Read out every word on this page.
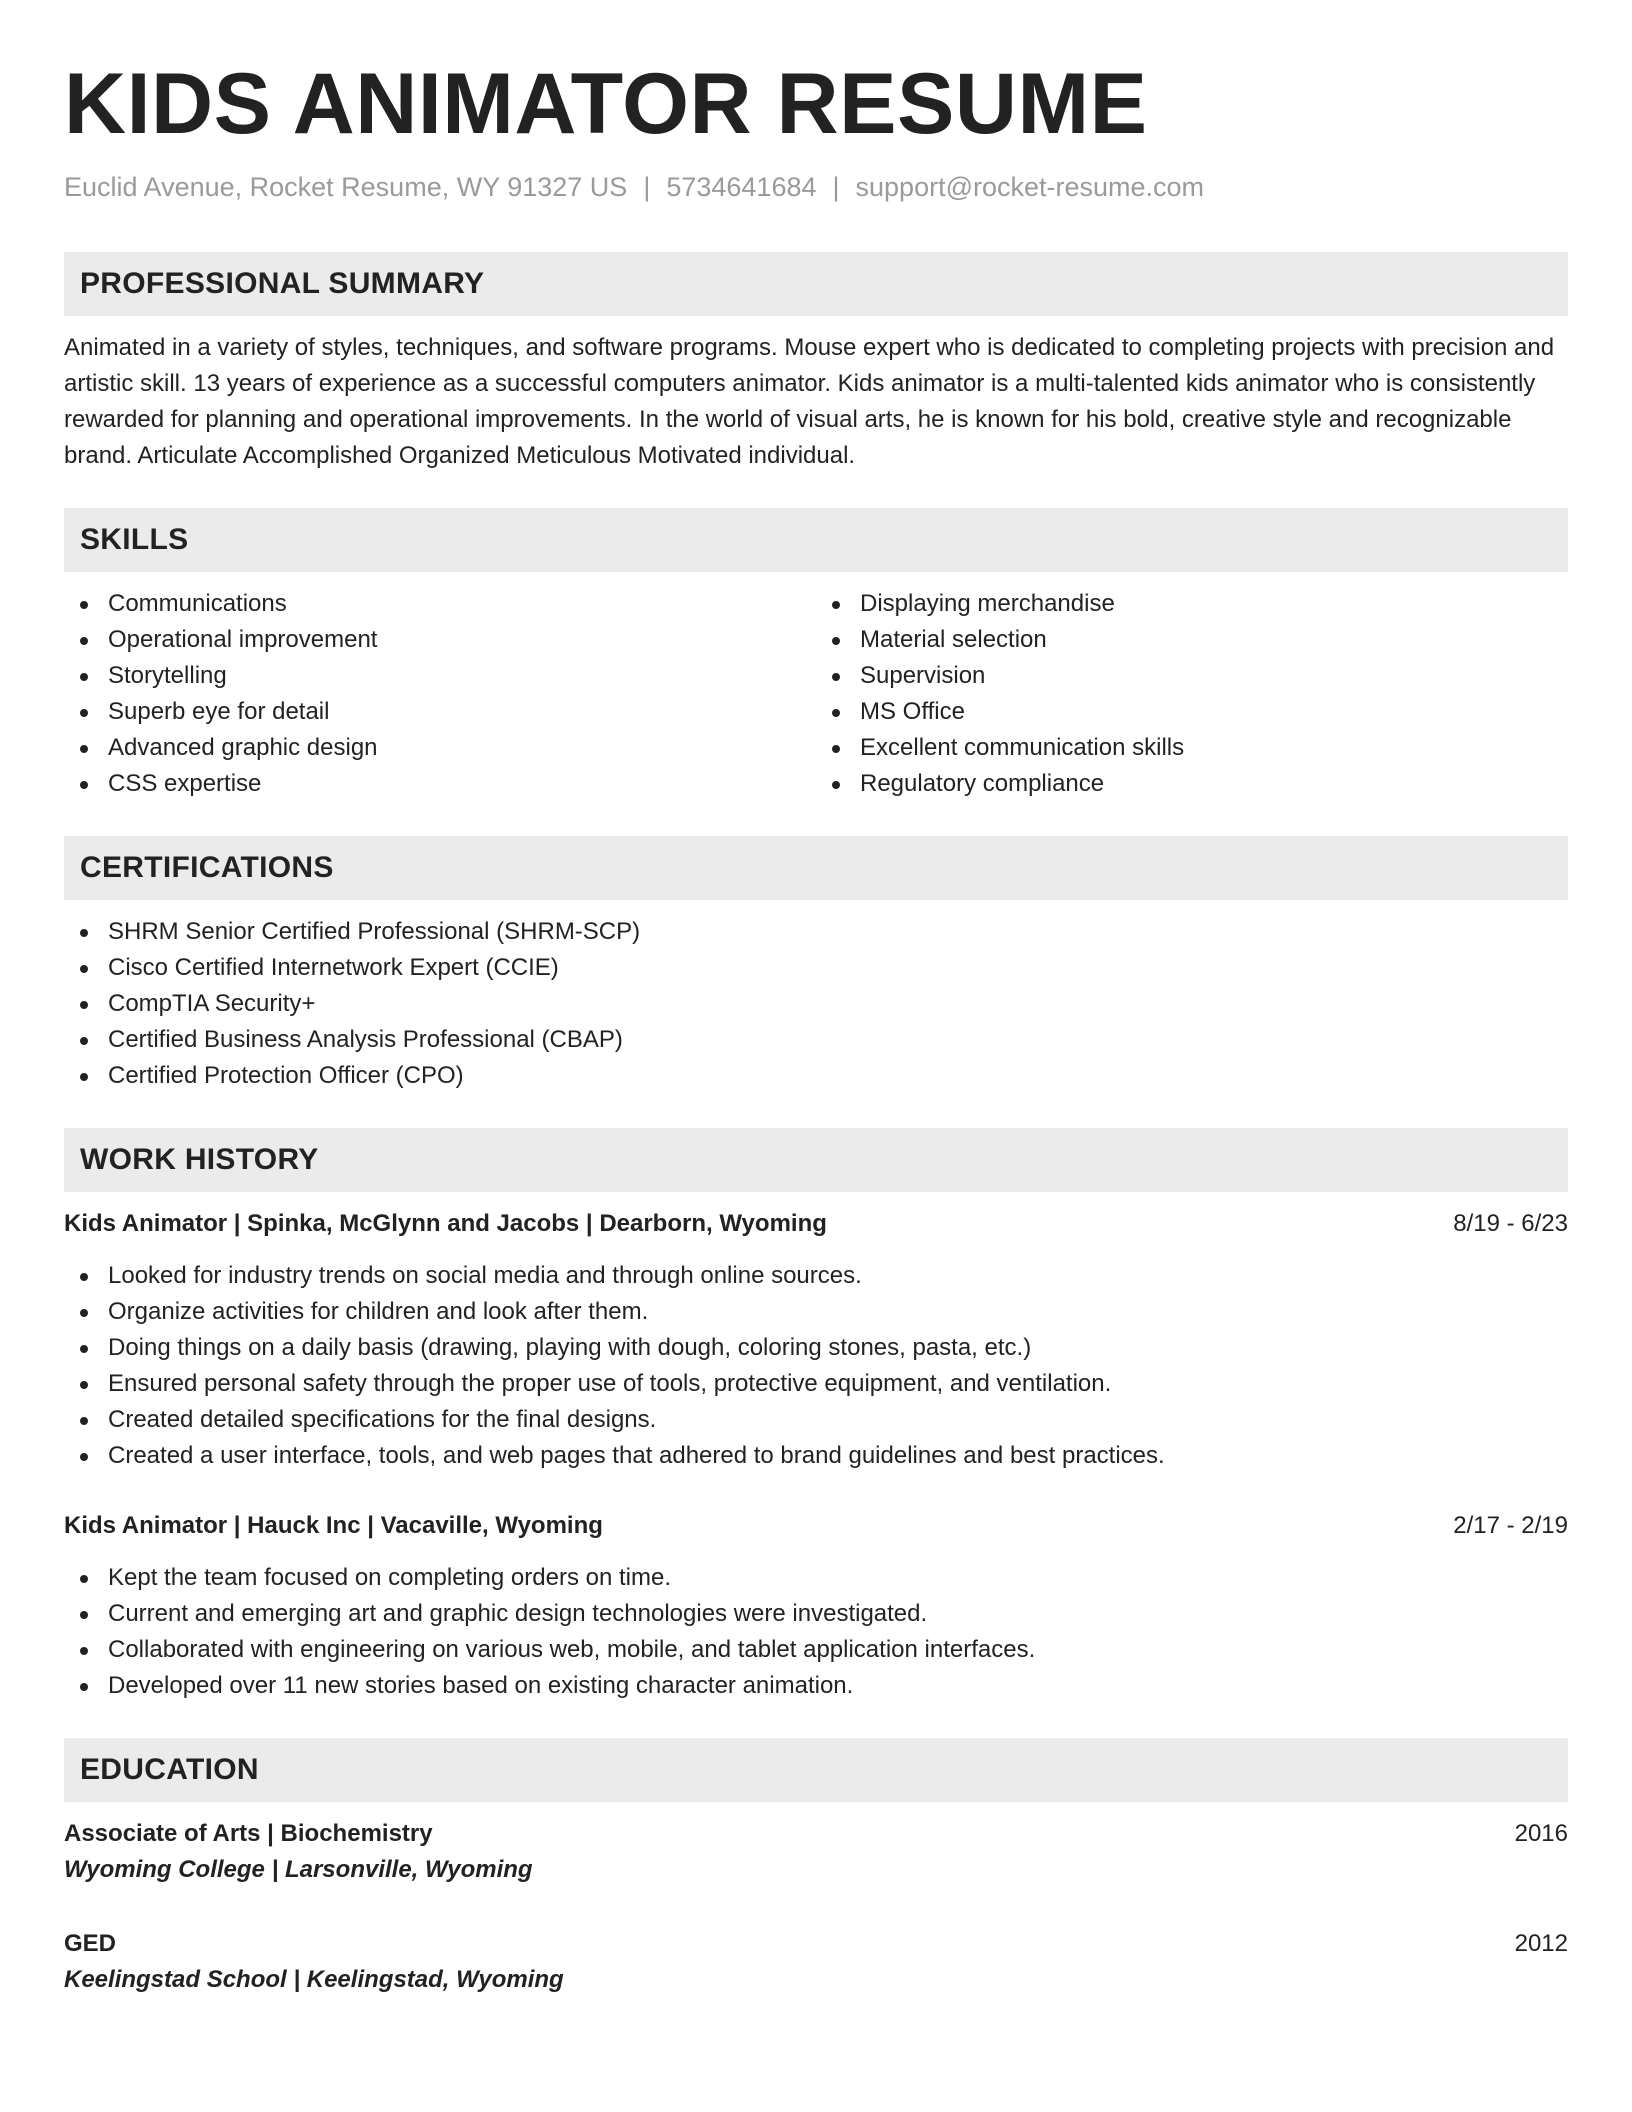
KIDS ANIMATOR RESUME
Euclid Avenue, Rocket Resume, WY 91327 US | 5734641684 | support@rocket-resume.com
PROFESSIONAL SUMMARY

Animated in a variety of styles, techniques, and software programs. Mouse expert who is dedicated to completing projects with precision and artistic skill. 13 years of experience as a successful computers animator. Kids animator is a multi-talented kids animator who is consistently rewarded for planning and operational improvements. In the world of visual arts, he is known for his bold, creative style and recognizable brand. Articulate Accomplished Organized Meticulous Motivated individual.

SKILLS
Communications
Operational improvement
Storytelling
Superb eye for detail
Advanced graphic design
CSS expertise
Displaying merchandise
Material selection
Supervision
MS Office
Excellent communication skills
Regulatory compliance
CERTIFICATIONS
SHRM Senior Certified Professional (SHRM-SCP)
Cisco Certified Internetwork Expert (CCIE)
CompTIA Security+
Certified Business Analysis Professional (CBAP)
Certified Protection Officer (CPO)
WORK HISTORY
Kids Animator | Spinka, McGlynn and Jacobs | Dearborn, Wyoming	8/19 - 6/23
Looked for industry trends on social media and through online sources.
Organize activities for children and look after them.
Doing things on a daily basis (drawing, playing with dough, coloring stones, pasta, etc.)
Ensured personal safety through the proper use of tools, protective equipment, and ventilation.
Created detailed specifications for the final designs.
Created a user interface, tools, and web pages that adhered to brand guidelines and best practices.
Kids Animator | Hauck Inc | Vacaville, Wyoming	2/17 - 2/19
Kept the team focused on completing orders on time.
Current and emerging art and graphic design technologies were investigated.
Collaborated with engineering on various web, mobile, and tablet application interfaces.
Developed over 11 new stories based on existing character animation.
EDUCATION
Associate of Arts | Biochemistry	2016
Wyoming College | Larsonville, Wyoming
GED	2012
Keelingstad School | Keelingstad, Wyoming
